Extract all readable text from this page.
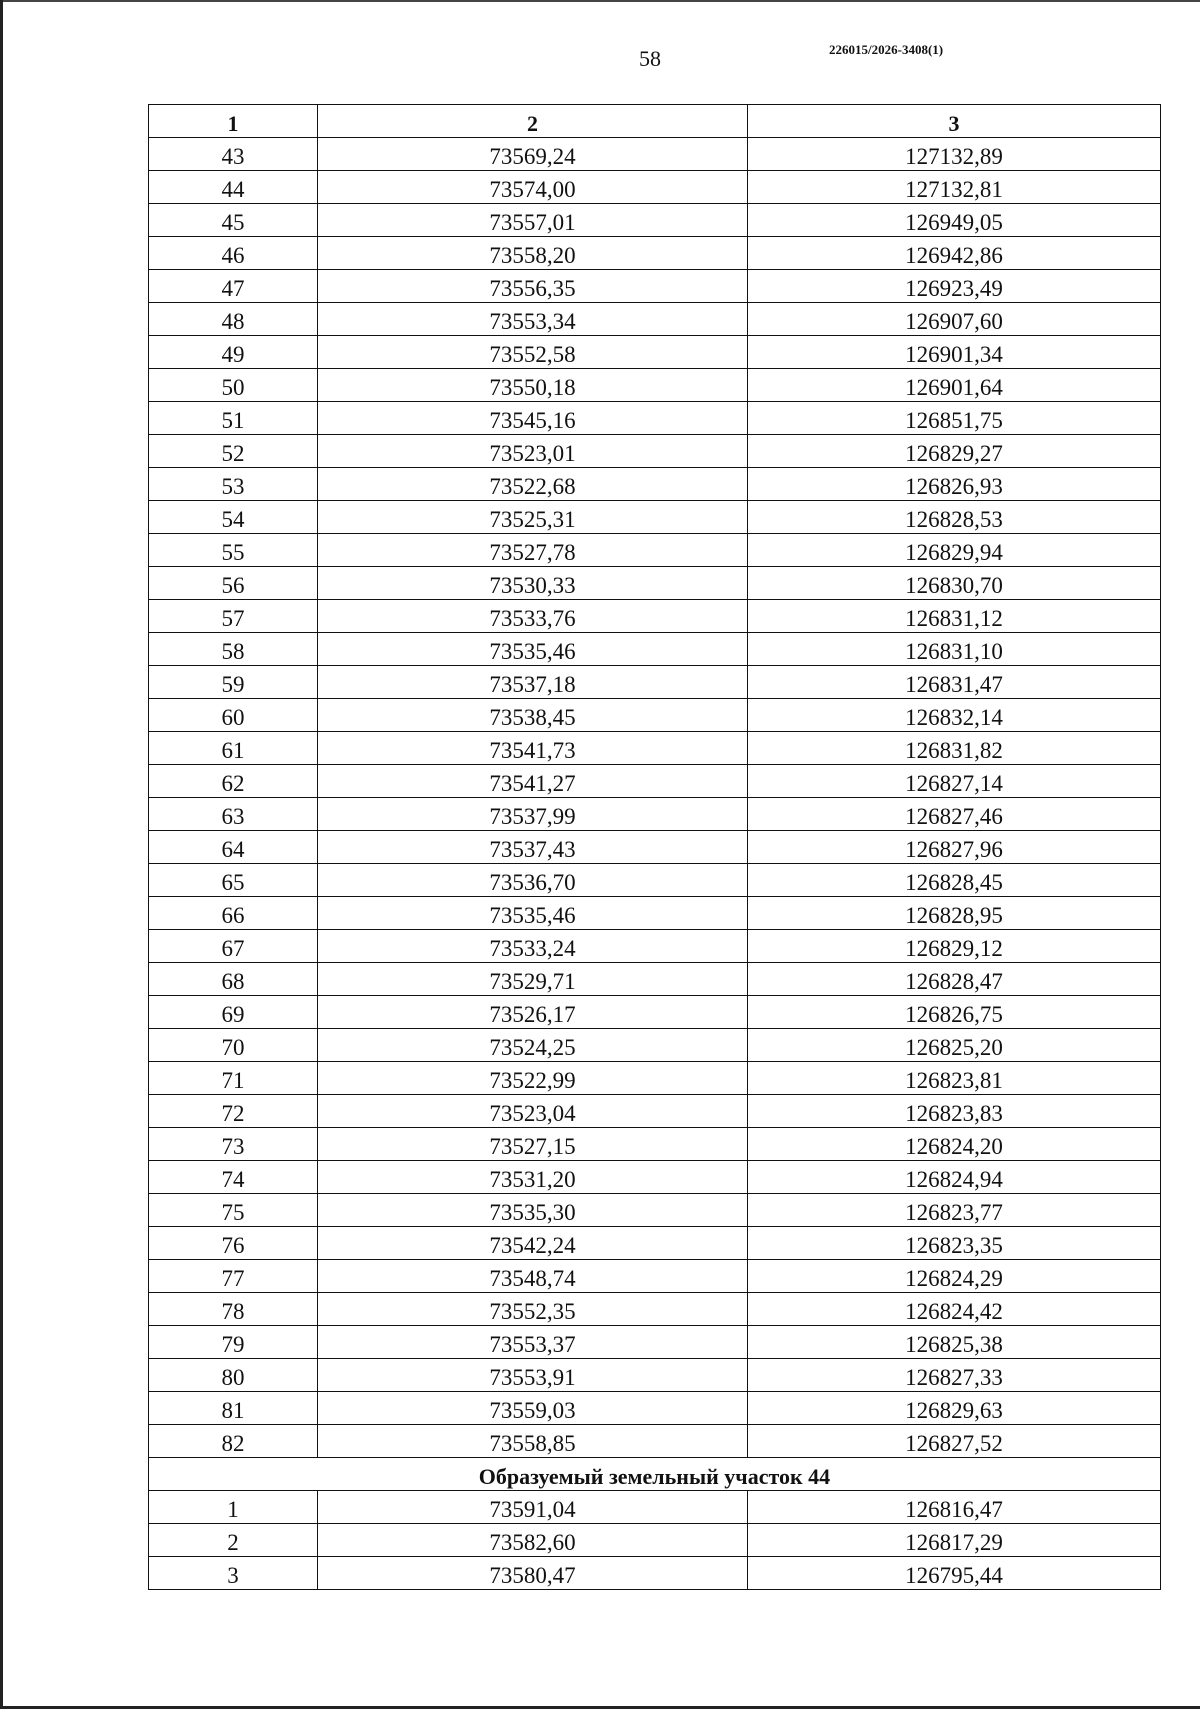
58	226015/2026-3408(1)
1	2	3
43	73569,24	127132,89
44	73574,00	127132,81
45	73557,01	126949,05
46	73558,20	126942,86
47	73556,35	126923,49
48	73553,34	126907,60
49	73552,58	126901,34
50	73550,18	126901,64
51	73545,16	126851,75
52	73523,01	126829,27
53	73522,68	126826,93
54	73525,31	126828,53
55	73527,78	126829,94
56	73530,33	126830,70
57	73533,76	126831,12
58	73535,46	126831,10
59	73537,18	126831,47
60	73538,45	126832,14
61	73541,73	126831,82
62	73541,27	126827,14
63	73537,99	126827,46
64	73537,43	126827,96
65	73536,70	126828,45
66	73535,46	126828,95
67	73533,24	126829,12
68	73529,71	126828,47
69	73526,17	126826,75
70	73524,25	126825,20
71	73522,99	126823,81
72	73523,04	126823,83
73	73527,15	126824,20
74	73531,20	126824,94
75	73535,30	126823,77
76	73542,24	126823,35
77	73548,74	126824,29
78	73552,35	126824,42
79	73553,37	126825,38
80	73553,91	126827,33
81	73559,03	126829,63
82	73558,85	126827,52
Образуемый земельный участок 44		
1	73591,04	126816,47
2	73582,60	126817,29
3	73580,47	126795,44
